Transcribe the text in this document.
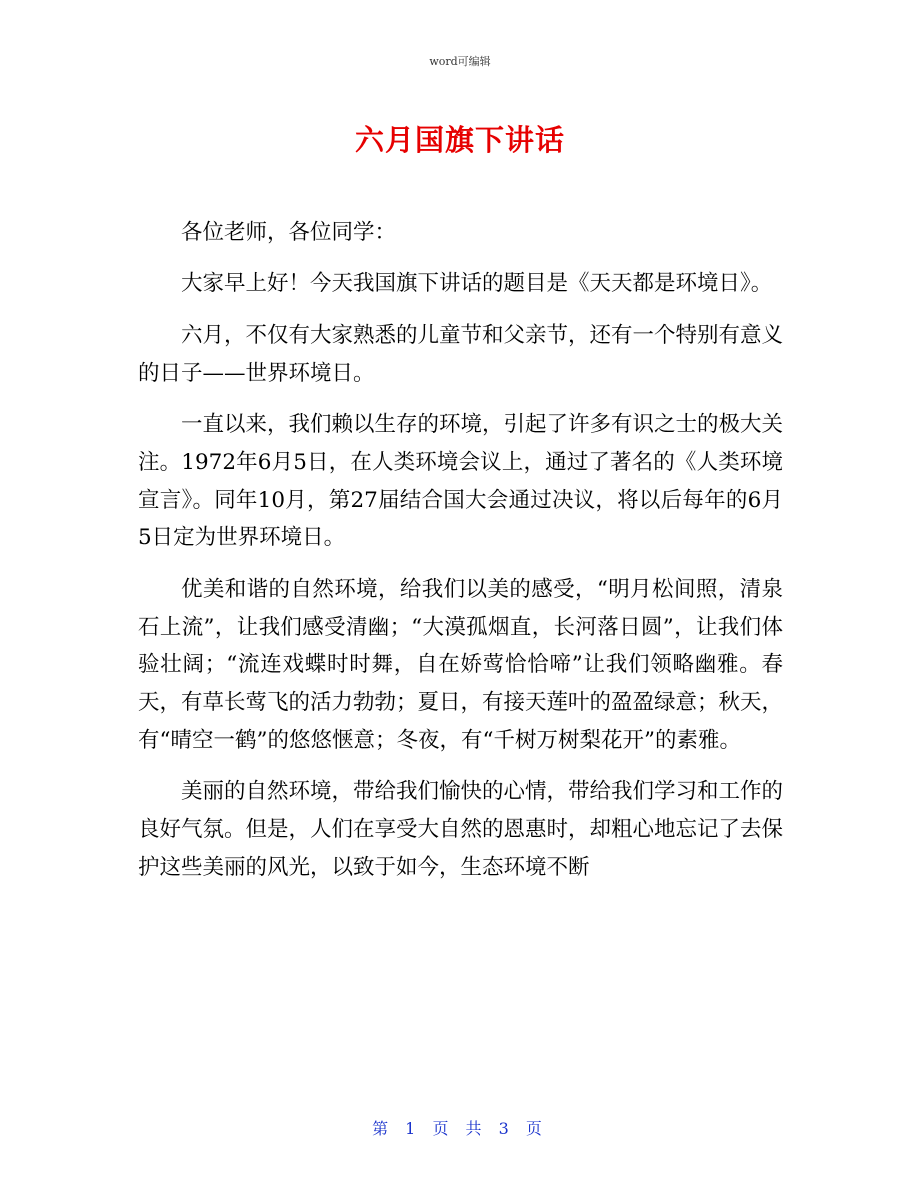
word可编辑
六月国旗下讲话

各位老师，各位同学：

大家早上好！今天我国旗下讲话的题目是《天天都是环境日》。

六月，不仅有大家熟悉的儿童节和父亲节，还有一个特别有意义的日子——世界环境日。

一直以来，我们赖以生存的环境，引起了许多有识之士的极大关注。1972年6月5日，在人类环境会议上，通过了著名的《人类环境宣言》。同年10月，第27届结合国大会通过决议，将以后每年的6月5日定为世界环境日。

优美和谐的自然环境，给我们以美的感受，“明月松间照，清泉石上流”，让我们感受清幽；“大漠孤烟直，长河落日圆”，让我们体验壮阔；“流连戏蝶时时舞，自在娇莺恰恰啼”让我们领略幽雅。春天，有草长莺飞的活力勃勃；夏日，有接天莲叶的盈盈绿意；秋天，有“晴空一鹤”的悠悠惬意；冬夜，有“千树万树梨花开”的素雅。

美丽的自然环境，带给我们愉快的心情，带给我们学习和工作的良好气氛。但是，人们在享受大自然的恩惠时，却粗心地忘记了去保护这些美丽的风光，以致于如今，生态环境不断

第 1 页 共 3 页
